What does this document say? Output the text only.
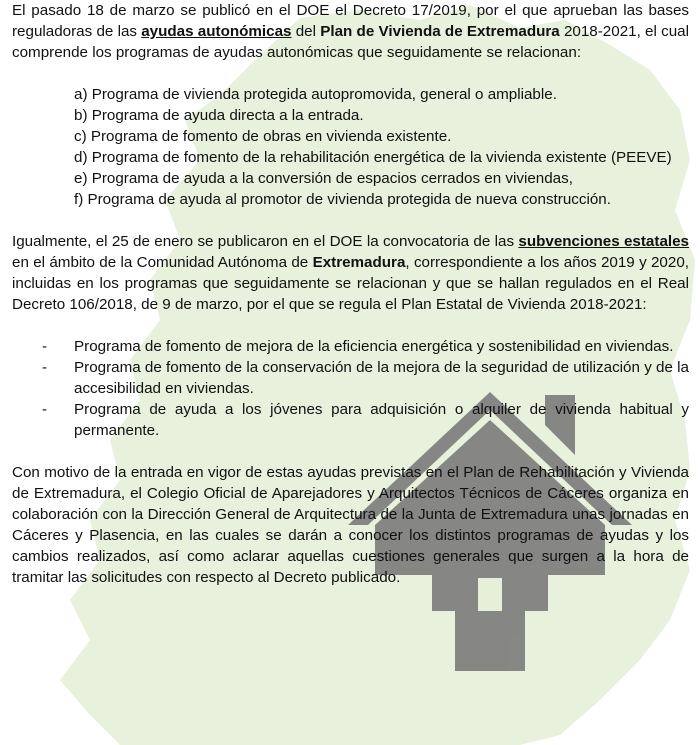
El pasado 18 de marzo se publicó en el DOE el Decreto 17/2019, por el que aprueban las bases reguladoras de las ayudas autonómicas del Plan de Vivienda de Extremadura 2018-2021, el cual comprende los programas de ayudas autonómicas que seguidamente se relacionan:

a) Programa de vivienda protegida autopromovida, general o ampliable.
b) Programa de ayuda directa a la entrada.
c) Programa de fomento de obras en vivienda existente.
d) Programa de fomento de la rehabilitación energética de la vivienda existente (PEEVE)
e) Programa de ayuda a la conversión de espacios cerrados en viviendas,
f) Programa de ayuda al promotor de vivienda protegida de nueva construcción.

Igualmente, el 25 de enero se publicaron en el DOE la convocatoria de las subvenciones estatales en el ámbito de la Comunidad Autónoma de Extremadura, correspondiente a los años 2019 y 2020, incluidas en los programas que seguidamente se relacionan y que se hallan regulados en el Real Decreto 106/2018, de 9 de marzo, por el que se regula el Plan Estatal de Vivienda 2018-2021:

- Programa de fomento de mejora de la eficiencia energética y sostenibilidad en viviendas.
- Programa de fomento de la conservación de la mejora de la seguridad de utilización y de la accesibilidad en viviendas.
- Programa de ayuda a los jóvenes para adquisición o alquiler de vivienda habitual y permanente.

Con motivo de la entrada en vigor de estas ayudas previstas en el Plan de Rehabilitación y Vivienda de Extremadura, el Colegio Oficial de Aparejadores y Arquitectos Técnicos de Cáceres organiza en colaboración con la Dirección General de Arquitectura de la Junta de Extremadura unas jornadas en Cáceres y Plasencia, en las cuales se darán a conocer los distintos programas de ayudas y los cambios realizados, así como aclarar aquellas cuestiones generales que surgen a la hora de tramitar las solicitudes con respecto al Decreto publicado.
